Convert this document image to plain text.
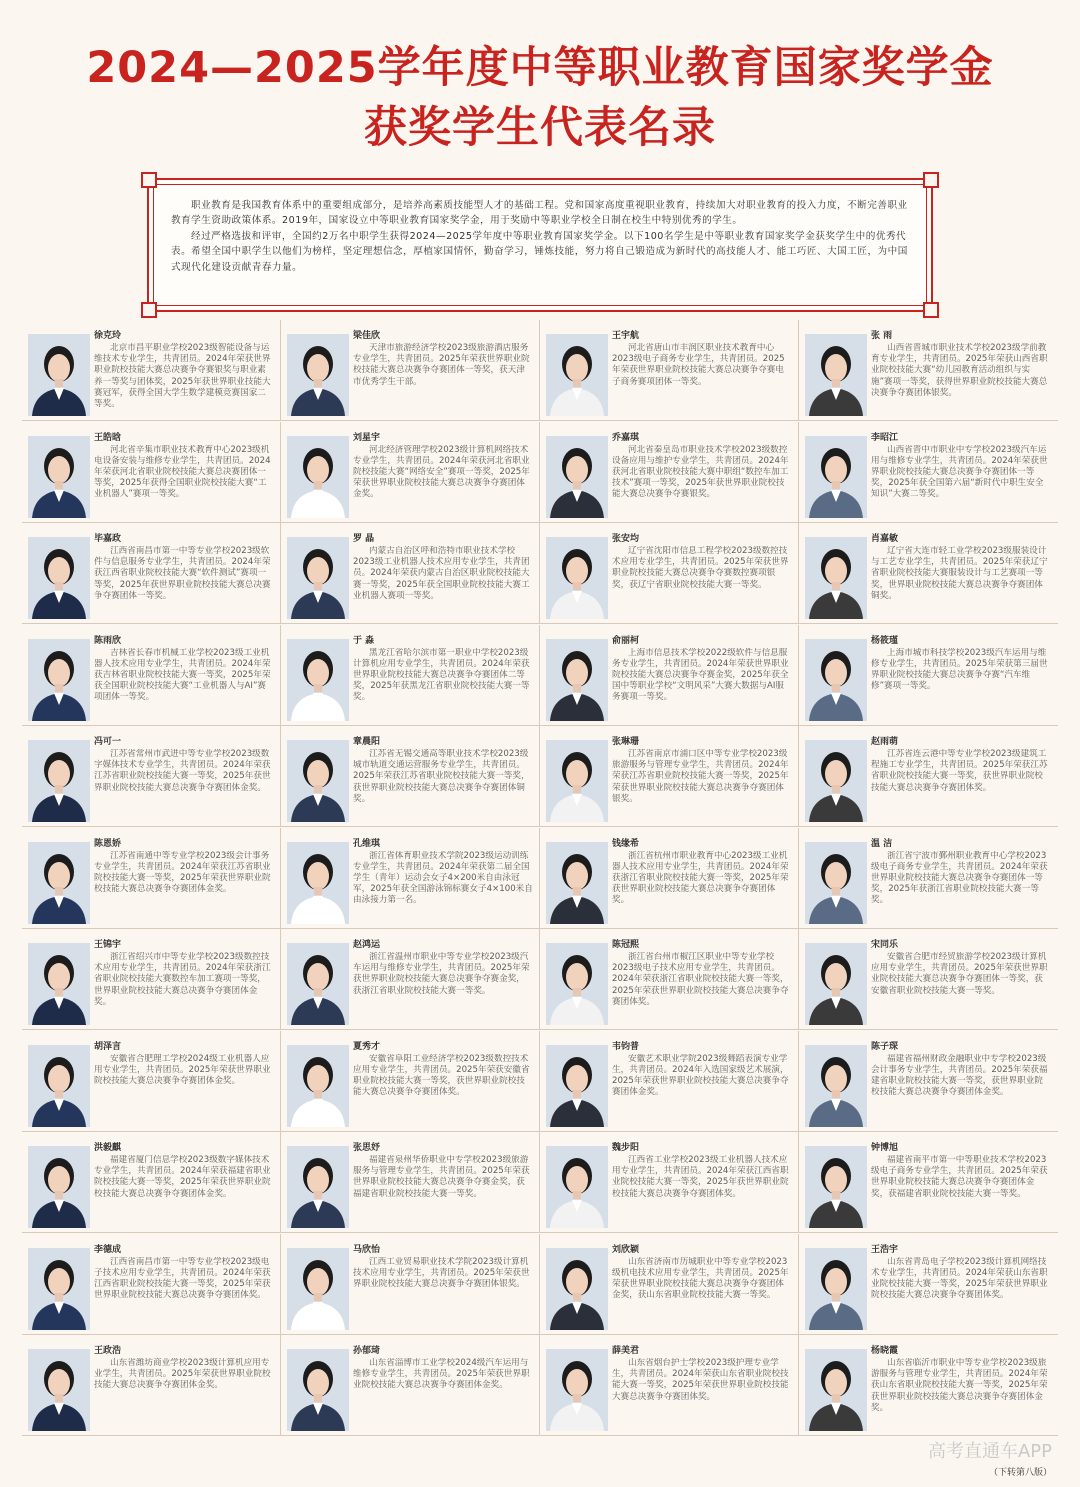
2024—2025学年度中等职业教育国家奖学金
获奖学生代表名录

职业教育是我国教育体系中的重要组成部分，是培养高素质技能型人才的基础工程。党和国家高度重视职业教育，持续加大对职业教育的投入力度，不断完善职业教育学生资助政策体系。2019年，国家设立中等职业教育国家奖学金，用于奖励中等职业学校全日制在校生中特别优秀的学生。

经过严格选拔和评审，全国约2万名中职学生获得2024—2025学年度中等职业教育国家奖学金。以下100名学生是中等职业教育国家奖学金获奖学生中的优秀代表。希望全国中职学生以他们为榜样，坚定理想信念，厚植家国情怀，勤奋学习，锤炼技能，努力将自己锻造成为新时代的高技能人才、能工巧匠、大国工匠，为中国式现代化建设贡献青春力量。

徐克玲
北京市昌平职业学校2023级智能设备与运维技术专业学生，共青团员。2024年荣获世界职业院校技能大赛总决赛争夺赛银奖与职业素养一等奖与团体奖，2025年获世界职业技能大赛冠军，获得全国大学生数学建模竞赛国家二等奖。
梁佳欣
天津市旅游经济学校2023级旅游酒店服务专业学生，共青团员。2025年荣获世界职业院校技能大赛总决赛争夺赛团体一等奖，获天津市优秀学生干部。
王宇航
河北省唐山市丰润区职业技术教育中心2023级电子商务专业学生，共青团员。2025年荣获世界职业院校技能大赛总决赛争夺赛电子商务赛项团体一等奖。
张 雨
山西省晋城市职业技术学校2023级学前教育专业学生，共青团员。2025年荣获山西省职业院校技能大赛“幼儿园教育活动组织与实施”赛项一等奖，获得世界职业院校技能大赛总决赛争夺赛团体银奖。
王皓晗
河北省辛集市职业技术教育中心2023级机电设备安装与维修专业学生，共青团员。2024年荣获河北省职业院校技能大赛总决赛团体一等奖，2025年获得全国职业院校技能大赛“工业机器人”赛项一等奖。
刘星宇
河北经济管理学校2023级计算机网络技术专业学生，共青团员。2024年荣获河北省职业院校技能大赛“网络安全”赛项一等奖，2025年荣获世界职业院校技能大赛总决赛争夺赛团体金奖。
乔嘉琪
河北省秦皇岛市职业技术学校2023级数控设备应用与维护专业学生，共青团员。2024年获河北省职业院校技能大赛中职组“数控车加工技术”赛项一等奖，2025年获世界职业院校技能大赛总决赛争夺赛银奖。
李昭江
山西省晋中市职业中专学校2023级汽车运用与维修专业学生，共青团员。2024年荣获世界职业院校技能大赛总决赛争夺赛团体一等奖，2025年获全国第六届“新时代中职生安全知识”大赛二等奖。
毕嘉政
江西省南昌市第一中等专业学校2023级软件与信息服务专业学生，共青团员。2024年荣获江西省职业院校技能大赛“软件测试”赛项一等奖，2025年获世界职业院校技能大赛总决赛争夺赛团体一等奖。
罗 晶
内蒙古自治区呼和浩特市职业技术学校2023级工业机器人技术应用专业学生，共青团员。2024年荣获内蒙古自治区职业院校技能大赛一等奖，2025年获全国职业院校技能大赛工业机器人赛项一等奖。
张安均
辽宁省沈阳市信息工程学校2023级数控技术应用专业学生，共青团员。2025年荣获世界职业院校技能大赛总决赛争夺赛数控赛项银奖，获辽宁省职业院校技能大赛一等奖。
肖嘉敏
辽宁省大连市轻工业学校2023级服装设计与工艺专业学生，共青团员。2025年荣获辽宁省职业院校技能大赛服装设计与工艺赛项一等奖，世界职业院校技能大赛总决赛争夺赛团体铜奖。
陈雨欣
吉林省长春市机械工业学校2023级工业机器人技术应用专业学生，共青团员。2024年荣获吉林省职业院校技能大赛一等奖，2025年荣获全国职业院校技能大赛“工业机器人与AI”赛项团体一等奖。
于 淼
黑龙江省哈尔滨市第一职业中学校2023级计算机应用专业学生，共青团员。2024年荣获世界职业院校技能大赛总决赛争夺赛团体二等奖，2025年获黑龙江省职业院校技能大赛一等奖。
俞丽柯
上海市信息技术学校2022级软件与信息服务专业学生，共青团员。2024年荣获世界职业院校技能大赛总决赛争夺赛金奖，2025年获全国中等职业学校“文明风采”大赛大数据与AI服务赛项一等奖。
杨筱瑾
上海市城市科技学校2023级汽车运用与维修专业学生，共青团员。2025年荣获第三届世界职业院校技能大赛总决赛争夺赛“汽车维修”赛项一等奖。
冯可一
江苏省常州市武进中等专业学校2023级数字媒体技术专业学生，共青团员。2024年荣获江苏省职业院校技能大赛一等奖，2025年获世界职业院校技能大赛总决赛争夺赛团体金奖。
章晨阳
江苏省无锡交通高等职业技术学校2023级城市轨道交通运营服务专业学生，共青团员。2025年荣获江苏省职业院校技能大赛一等奖，获世界职业院校技能大赛总决赛争夺赛团体铜奖。
张琳珊
江苏省南京市浦口区中等专业学校2023级旅游服务与管理专业学生，共青团员。2024年荣获江苏省职业院校技能大赛一等奖，2025年荣获世界职业院校技能大赛总决赛争夺赛团体银奖。
赵雨萌
江苏省连云港中等专业学校2023级建筑工程施工专业学生，共青团员。2025年荣获江苏省职业院校技能大赛一等奖，获世界职业院校技能大赛总决赛争夺赛团体奖。
陈恩娇
江苏省南通中等专业学校2023级会计事务专业学生，共青团员。2024年荣获江苏省职业院校技能大赛一等奖，2025年荣获世界职业院校技能大赛总决赛争夺赛团体金奖。
孔维琪
浙江省体育职业技术学院2023级运动训练专业学生，共青团员。2024年荣获第二届全国学生（青年）运动会女子4×200米自由泳冠军，2025年获全国游泳锦标赛女子4×100米自由泳接力第一名。
钱缘希
浙江省杭州市职业教育中心2023级工业机器人技术应用专业学生，共青团员。2024年荣获浙江省职业院校技能大赛一等奖，2025年荣获世界职业院校技能大赛总决赛争夺赛团体奖。
温 洁
浙江省宁波市鄞州职业教育中心学校2023级电子商务专业学生，共青团员。2024年荣获世界职业院校技能大赛总决赛争夺赛团体一等奖，2025年获浙江省职业院校技能大赛一等奖。
王锦宇
浙江省绍兴市中等专业学校2023级数控技术应用专业学生，共青团员。2024年荣获浙江省职业院校技能大赛数控车加工赛项一等奖，世界职业院校技能大赛总决赛争夺赛团体金奖。
赵鸿运
浙江省温州市职业中等专业学校2023级汽车运用与维修专业学生，共青团员。2025年荣获世界职业院校技能大赛总决赛争夺赛金奖，获浙江省职业院校技能大赛一等奖。
陈冠熙
浙江省台州市椒江区职业中等专业学校2023级电子技术应用专业学生，共青团员。2024年荣获浙江省职业院校技能大赛一等奖，2025年荣获世界职业院校技能大赛总决赛争夺赛团体奖。
宋同乐
安徽省合肥市经贸旅游学校2023级计算机应用专业学生，共青团员。2025年荣获世界职业院校技能大赛总决赛争夺赛团体一等奖，获安徽省职业院校技能大赛一等奖。
胡泽言
安徽省合肥理工学校2024级工业机器人应用专业学生，共青团员。2025年荣获世界职业院校技能大赛总决赛争夺赛团体金奖。
夏秀才
安徽省阜阳工业经济学校2023级数控技术应用专业学生，共青团员。2025年荣获安徽省职业院校技能大赛一等奖，获世界职业院校技能大赛总决赛争夺赛团体奖。
韦钧普
安徽艺术职业学院2023级舞蹈表演专业学生，共青团员。2024年入选国家级艺术展演，2025年荣获世界职业院校技能大赛总决赛争夺赛团体金奖。
陈子琛
福建省福州财政金融职业中专学校2023级会计事务专业学生，共青团员。2025年荣获福建省职业院校技能大赛一等奖，获世界职业院校技能大赛总决赛争夺赛团体金奖。
洪毅麒
福建省厦门信息学校2023级数字媒体技术专业学生，共青团员。2024年荣获福建省职业院校技能大赛一等奖，2025年荣获世界职业院校技能大赛总决赛争夺赛团体金奖。
张思妤
福建省泉州华侨职业中专学校2023级旅游服务与管理专业学生，共青团员。2025年荣获世界职业院校技能大赛总决赛争夺赛金奖，获福建省职业院校技能大赛一等奖。
魏步阳
江西省工业学校2023级工业机器人技术应用专业学生，共青团员。2024年荣获江西省职业院校技能大赛一等奖，2025年获世界职业院校技能大赛总决赛争夺赛团体奖。
钟博旭
福建省南平市第一中等职业技术学校2023级电子商务专业学生，共青团员。2025年荣获世界职业院校技能大赛总决赛争夺赛团体金奖，获福建省职业院校技能大赛一等奖。
李德成
江西省南昌市第一中等专业学校2023级电子技术应用专业学生，共青团员。2024年荣获江西省职业院校技能大赛一等奖，2025年荣获世界职业院校技能大赛总决赛争夺赛团体奖。
马欣怡
江西工业贸易职业技术学院2023级计算机技术应用专业学生，共青团员。2025年荣获世界职业院校技能大赛总决赛争夺赛团体银奖。
刘欣颖
山东省济南市历城职业中等专业学校2023级机电技术应用专业学生，共青团员。2025年荣获世界职业院校技能大赛总决赛争夺赛团体金奖，获山东省职业院校技能大赛一等奖。
王浩宇
山东省青岛电子学校2023级计算机网络技术专业学生，共青团员。2024年荣获山东省职业院校技能大赛一等奖，2025年荣获世界职业院校技能大赛总决赛争夺赛团体奖。
王政浩
山东省潍坊商业学校2023级计算机应用专业学生，共青团员。2025年荣获世界职业院校技能大赛总决赛争夺赛团体金奖。
孙郁琦
山东省淄博市工业学校2024级汽车运用与维修专业学生，共青团员。2025年荣获世界职业院校技能大赛总决赛争夺赛团体金奖。
薛美君
山东省烟台护士学校2023级护理专业学生，共青团员。2024年荣获山东省职业院校技能大赛一等奖，2025年荣获世界职业院校技能大赛总决赛争夺赛团体奖。
杨晓霞
山东省临沂市职业中等专业学校2023级旅游服务与管理专业学生，共青团员。2024年荣获山东省职业院校技能大赛一等奖，2025年荣获世界职业院校技能大赛总决赛争夺赛团体金奖。
高考直通车APP
（下转第八版）
